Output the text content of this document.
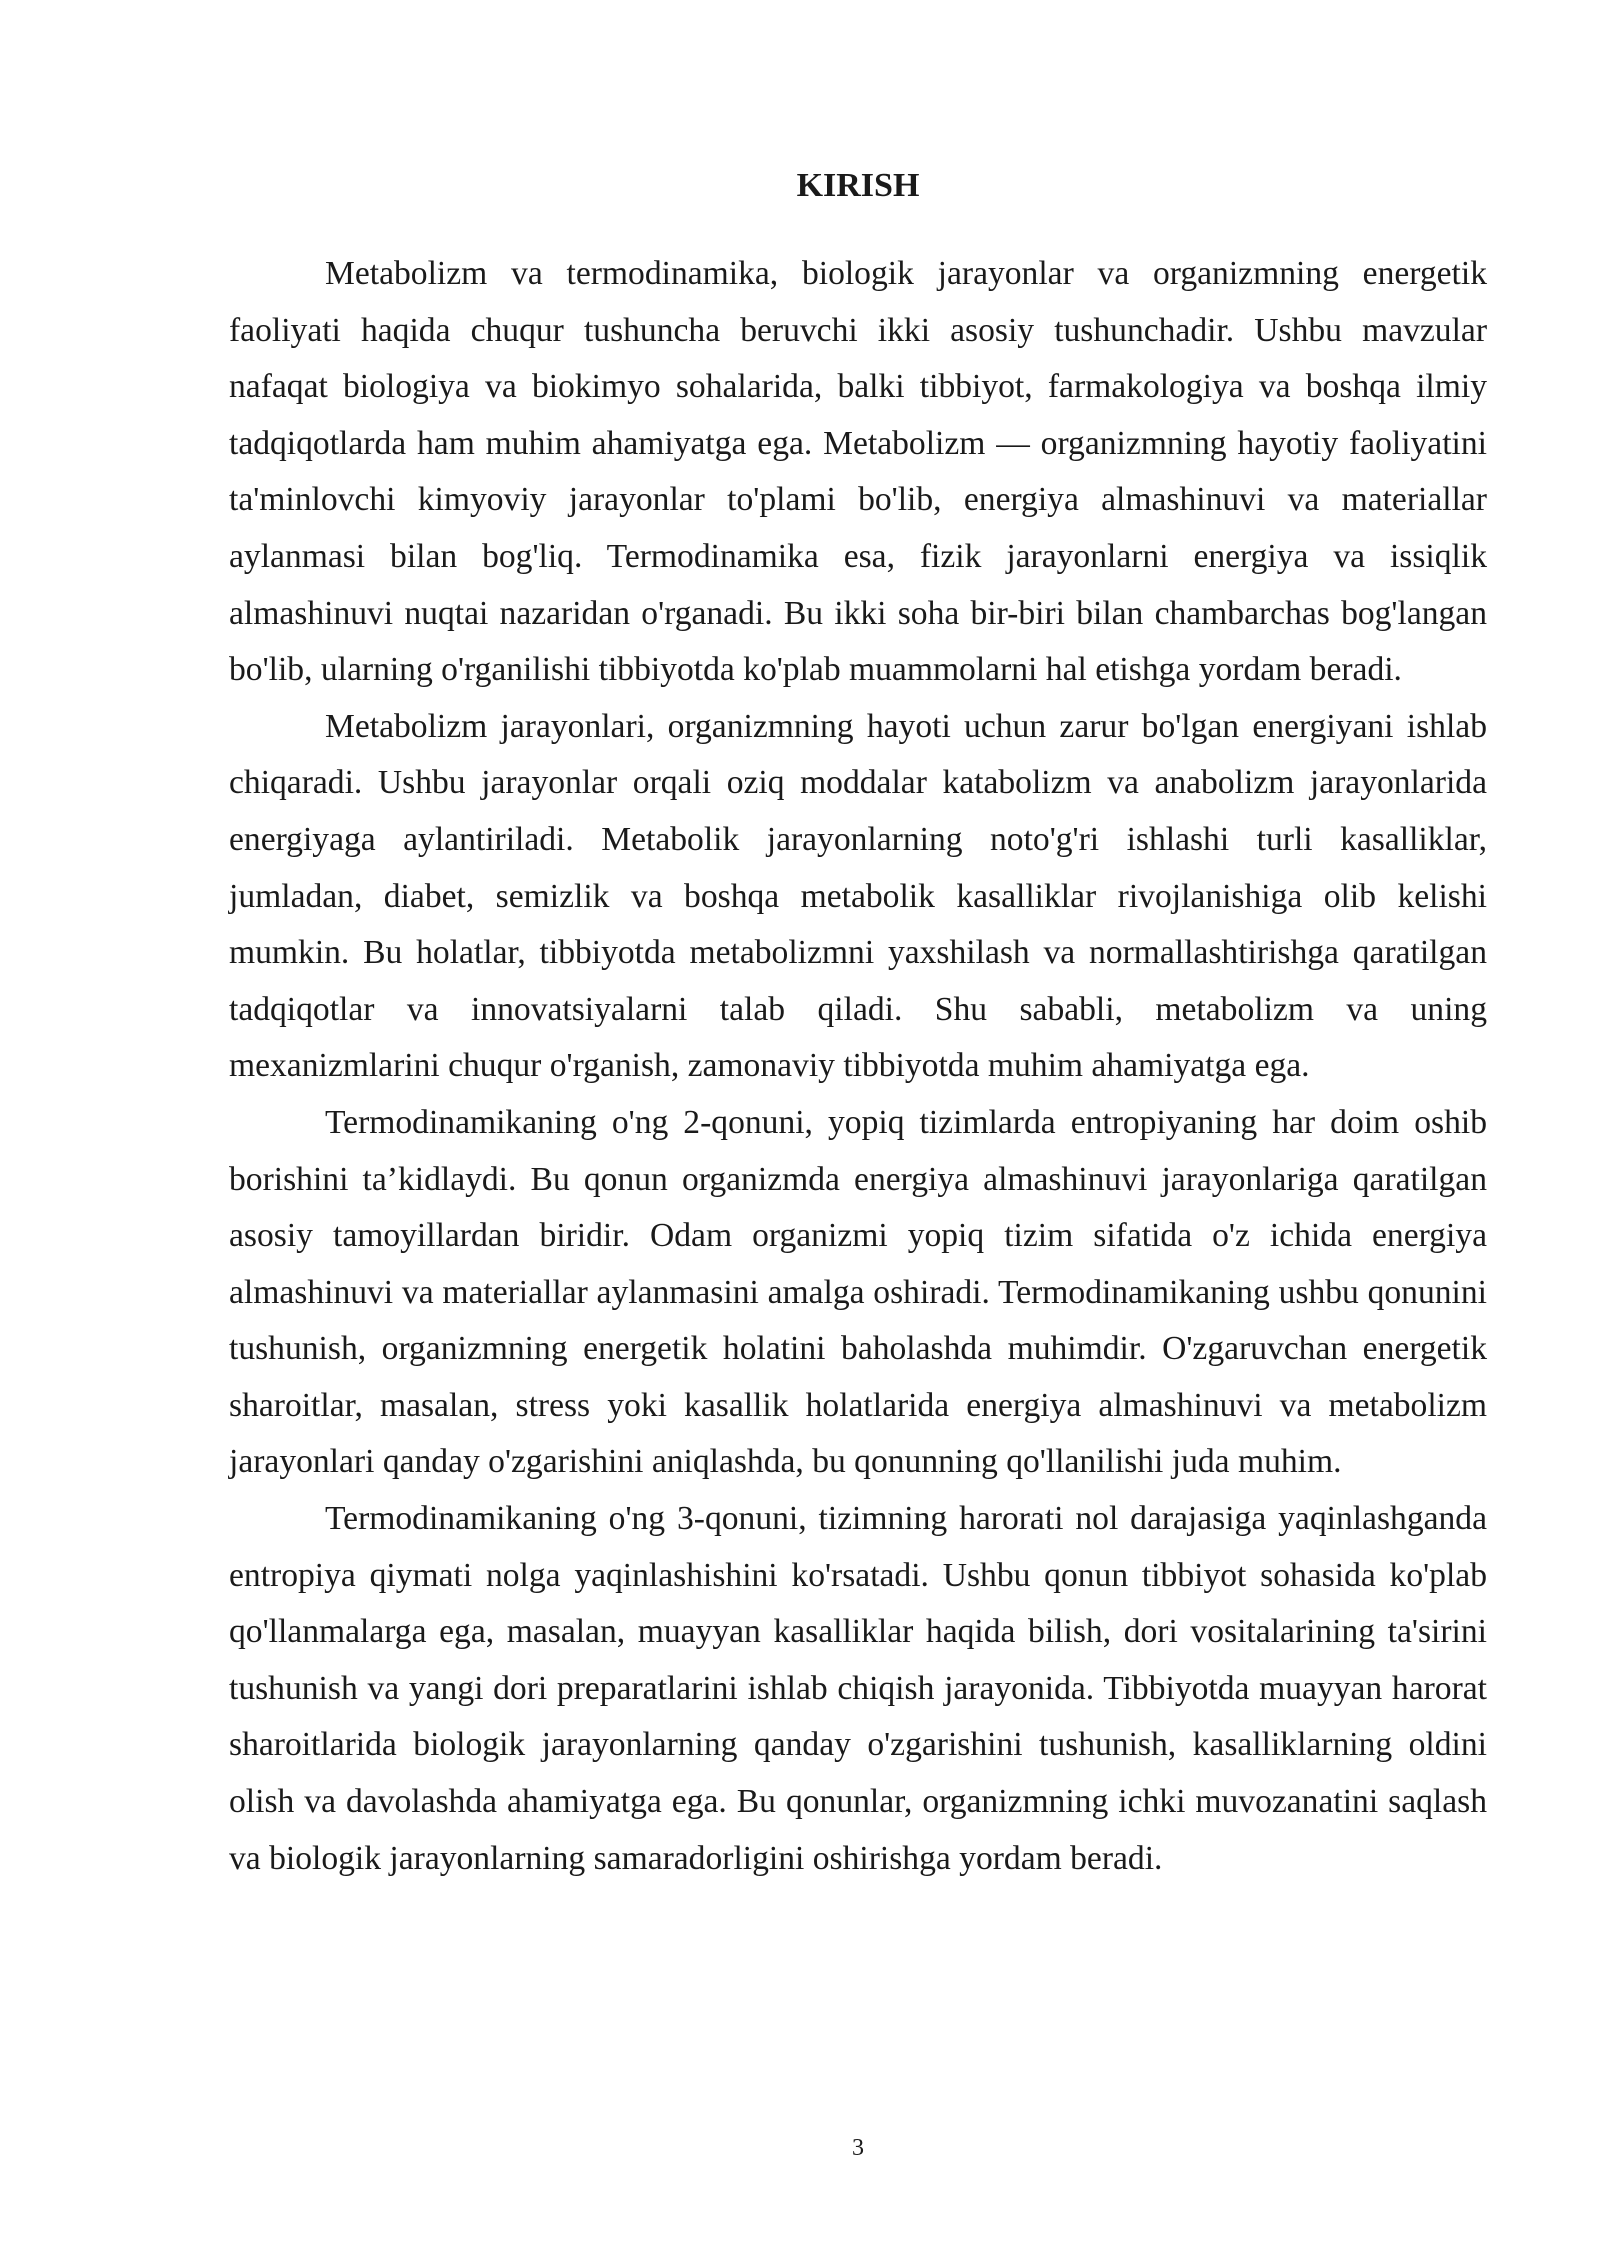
KIRISH

Metabolizm va termodinamika, biologik jarayonlar va organizmning energetik faoliyati haqida chuqur tushuncha beruvchi ikki asosiy tushunchadir. Ushbu mavzular nafaqat biologiya va biokimyo sohalarida, balki tibbiyot, farmakologiya va boshqa ilmiy tadqiqotlarda ham muhim ahamiyatga ega. Metabolizm — organizmning hayotiy faoliyatini ta'minlovchi kimyoviy jarayonlar to'plami bo'lib, energiya almashinuvi va materiallar aylanmasi bilan bog'liq. Termodinamika esa, fizik jarayonlarni energiya va issiqlik almashinuvi nuqtai nazaridan o'rganadi. Bu ikki soha bir-biri bilan chambarchas bog'langan bo'lib, ularning o'rganilishi tibbiyotda ko'plab muammolarni hal etishga yordam beradi.

Metabolizm jarayonlari, organizmning hayoti uchun zarur bo'lgan energiyani ishlab chiqaradi. Ushbu jarayonlar orqali oziq moddalar katabolizm va anabolizm jarayonlarida energiyaga aylantiriladi. Metabolik jarayonlarning noto'g'ri ishlashi turli kasalliklar, jumladan, diabet, semizlik va boshqa metabolik kasalliklar rivojlanishiga olib kelishi mumkin. Bu holatlar, tibbiyotda metabolizmni yaxshilash va normallashtirishga qaratilgan tadqiqotlar va innovatsiyalarni talab qiladi. Shu sababli, metabolizm va uning mexanizmlarini chuqur o'rganish, zamonaviy tibbiyotda muhim ahamiyatga ega.

Termodinamikaning o'ng 2-qonuni, yopiq tizimlarda entropiyaning har doim oshib borishini ta’kidlaydi. Bu qonun organizmda energiya almashinuvi jarayonlariga qaratilgan asosiy tamoyillardan biridir. Odam organizmi yopiq tizim sifatida o'z ichida energiya almashinuvi va materiallar aylanmasini amalga oshiradi. Termodinamikaning ushbu qonunini tushunish, organizmning energetik holatini baholashda muhimdir. O'zgaruvchan energetik sharoitlar, masalan, stress yoki kasallik holatlarida energiya almashinuvi va metabolizm jarayonlari qanday o'zgarishini aniqlashda, bu qonunning qo'llanilishi juda muhim.

Termodinamikaning o'ng 3-qonuni, tizimning harorati nol darajasiga yaqinlashganda entropiya qiymati nolga yaqinlashishini ko'rsatadi. Ushbu qonun tibbiyot sohasida ko'plab qo'llanmalarga ega, masalan, muayyan kasalliklar haqida bilish, dori vositalarining ta'sirini tushunish va yangi dori preparatlarini ishlab chiqish jarayonida. Tibbiyotda muayyan harorat sharoitlarida biologik jarayonlarning qanday o'zgarishini tushunish, kasalliklarning oldini olish va davolashda ahamiyatga ega. Bu qonunlar, organizmning ichki muvozanatini saqlash va biologik jarayonlarning samaradorligini oshirishga yordam beradi.

3
